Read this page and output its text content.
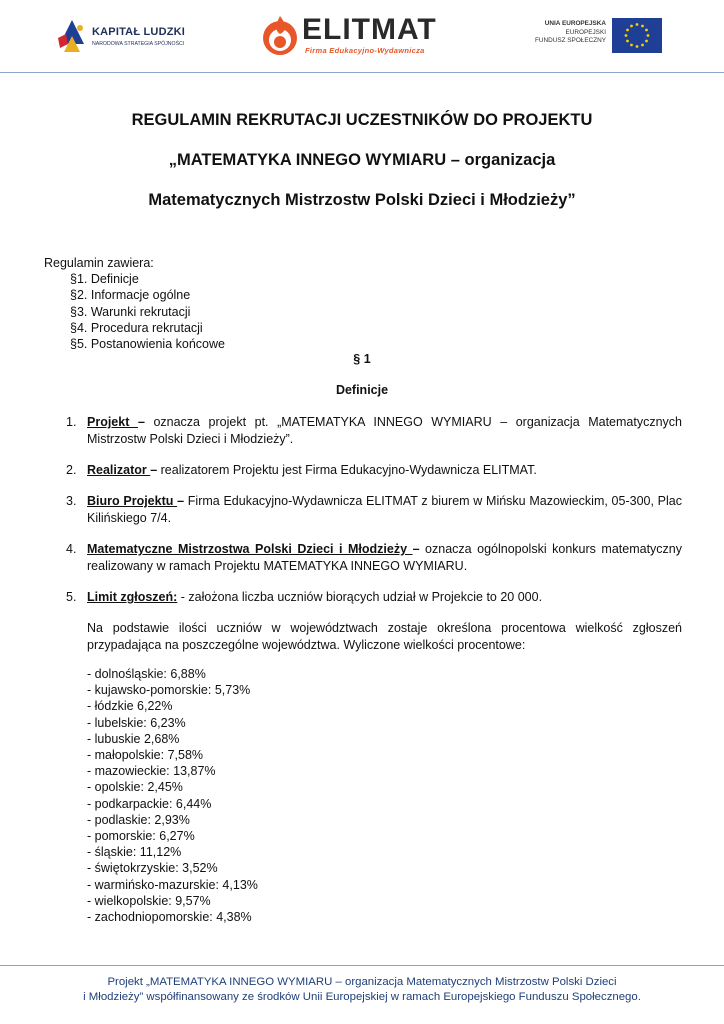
KAPITAŁ LUDZKI
NARODOWA STRATEGIA SPÓJNOŚCI	ELITMAT
Firma Edukacyjno-Wydawnicza
UNIA EUROPEJSKA
EUROPEJSKI
FUNDUSZ SPOŁECZNY
REGULAMIN REKRUTACJI UCZESTNIKÓW DO PROJEKTU
„MATEMATYKA INNEGO WYMIARU – organizacja
Matematycznych Mistrzostw Polski Dzieci i Młodzieży”
Regulamin zawiera:
§1. Definicje
§2. Informacje ogólne
§3. Warunki rekrutacji
§4. Procedura rekrutacji
§5. Postanowienia końcowe
§ 1
Definicje
1. Projekt – oznacza projekt pt. „MATEMATYKA INNEGO WYMIARU – organizacja Matematycznych Mistrzostw Polski Dzieci i Młodzieży”.
2. Realizator – realizatorem Projektu jest Firma Edukacyjno-Wydawnicza ELITMAT.
3. Biuro Projektu – Firma Edukacyjno-Wydawnicza ELITMAT z biurem w Mińsku Mazowieckim, 05-300, Plac Kilińskiego 7/4.
4. Matematyczne Mistrzostwa Polski Dzieci i Młodzieży – oznacza ogólnopolski konkurs matematyczny realizowany w ramach Projektu MATEMATYKA INNEGO WYMIARU.
5. Limit zgłoszeń: - założona liczba uczniów biorących udział w Projekcie to 20 000.
Na podstawie ilości uczniów w województwach zostaje określona procentowa wielkość zgłoszeń przypadająca na poszczególne województwa. Wyliczone wielkości procentowe:
- dolnośląskie: 6,88%
- kujawsko-pomorskie: 5,73%
- łódzkie 6,22%
- lubelskie: 6,23%
- lubuskie 2,68%
- małopolskie: 7,58%
- mazowieckie: 13,87%
- opolskie: 2,45%
- podkarpackie: 6,44%
- podlaskie: 2,93%
- pomorskie: 6,27%
- śląskie: 11,12%
- świętokrzyskie: 3,52%
- warmińsko-mazurskie: 4,13%
- wielkopolskie: 9,57%
- zachodniopomorskie: 4,38%
Projekt „MATEMATYKA INNEGO WYMIARU – organizacja Matematycznych Mistrzostw Polski Dzieci
i Młodzieży” współfinansowany ze środków Unii Europejskiej w ramach Europejskiego Funduszu Społecznego.
